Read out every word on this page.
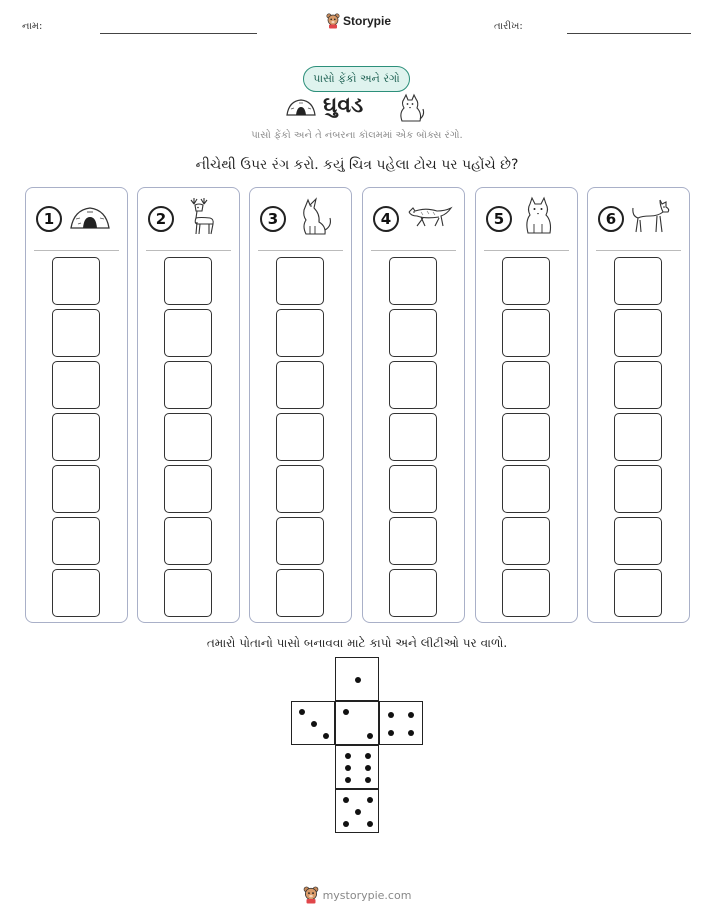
નામ:	Storypie	તારીખ:
પાસો ફેંકો અને રંગો
ઘુવડ
પાસો ફેંકો અને તે નંબરના કૉલમમાં એક બૉક્સ રંગો.
નીચેથી ઉપર રંગ કરો. કયું ચિત્ર પહેલા ટોચ પર પહોંચે છે?
1	2	3	4	5	6
તમારો પોતાનો પાસો બનાવવા માટે કાપો અને લીટીઓ પર વાળો.
mystorypie.com
